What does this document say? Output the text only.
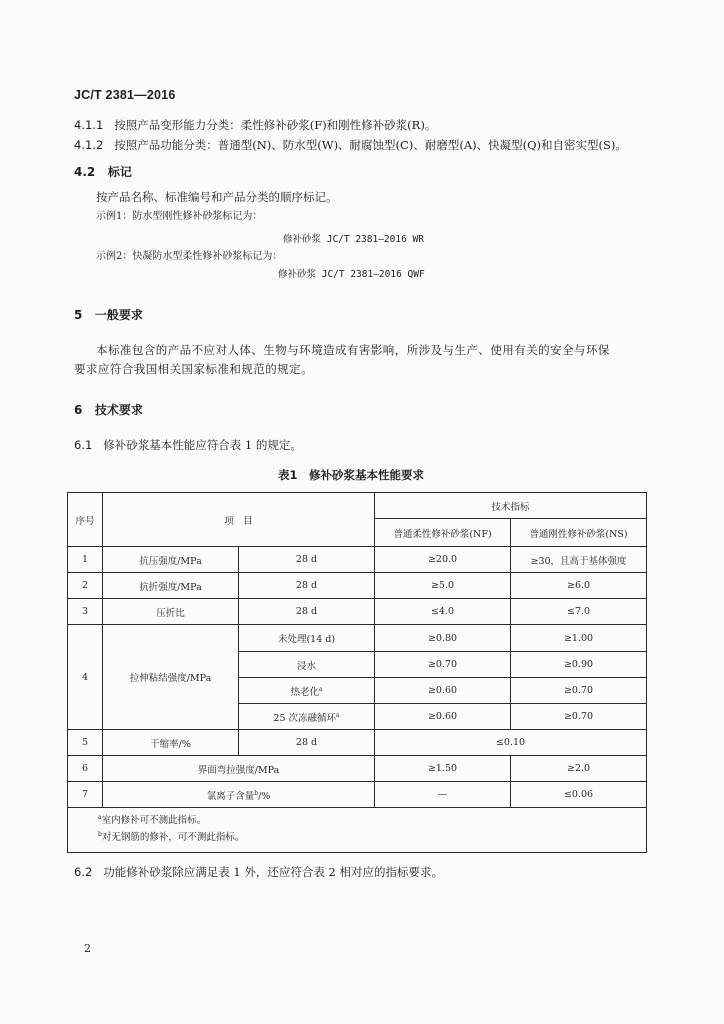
JC/T 2381—2016
4.1.1 按照产品变形能力分类：柔性修补砂浆(F)和刚性修补砂浆(R)。
4.1.2 按照产品功能分类：普通型(N)、防水型(W)、耐腐蚀型(C)、耐磨型(A)、快凝型(Q)和自密实型(S)。
4.2 标记
按产品名称、标准编号和产品分类的顺序标记。
示例1：防水型刚性修补砂浆标记为：
修补砂浆 JC/T 2381—2016 WR
示例2：快凝防水型柔性修补砂浆标记为：
修补砂浆 JC/T 2381—2016 QWF
5 一般要求
本标准包含的产品不应对人体、生物与环境造成有害影响，所涉及与生产、使用有关的安全与环保
要求应符合我国相关国家标准和规范的规定。
6 技术要求
6.1 修补砂浆基本性能应符合表 1 的规定。
表1　修补砂浆基本性能要求
序号	项　目		技术指标	
			普通柔性修补砂浆(NF)	普通刚性修补砂浆(NS)
1	抗压强度/MPa	28 d	≥20.0	≥30，且高于基体强度
2	抗折强度/MPa	28 d	≥5.0	≥6.0
3	压折比	28 d	≤4.0	≤7.0
4	拉伸粘结强度/MPa	未处理(14 d)	≥0.80	≥1.00
		浸水	≥0.70	≥0.90
		热老化$^a$	≥0.60	≥0.70
		25 次冻融循环$^a$	≥0.60	≥0.70
5	干缩率/%	28 d	≤0.10	
6	界面弯拉强度/MPa		≥1.50	≥2.0
7	氯离子含量$^b$/%		—	≤0.06

$^a$室内修补可不测此指标。
$^b$对无钢筋的修补，可不测此指标。				
6.2 功能修补砂浆除应满足表 1 外，还应符合表 2 相对应的指标要求。
2
